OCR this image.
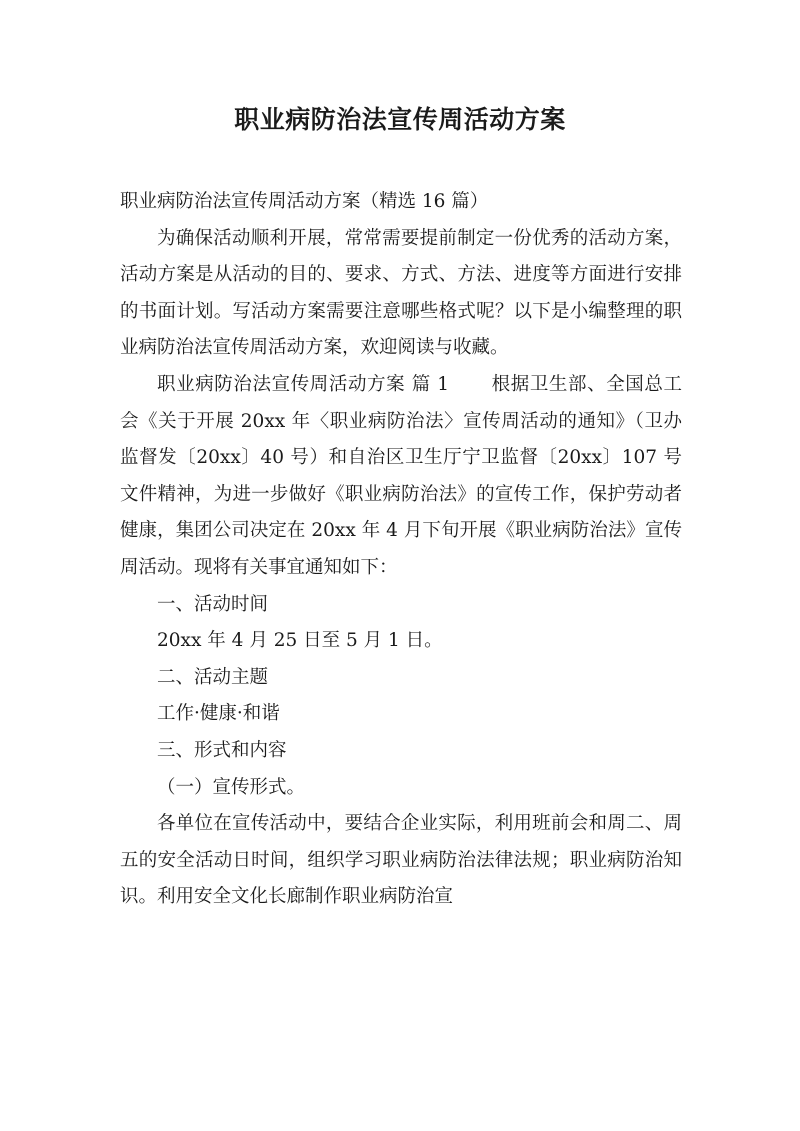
职业病防治法宣传周活动方案

职业病防治法宣传周活动方案（精选 16 篇）

为确保活动顺利开展，常常需要提前制定一份优秀的活动方案，活动方案是从活动的目的、要求、方式、方法、进度等方面进行安排的书面计划。写活动方案需要注意哪些格式呢？以下是小编整理的职业病防治法宣传周活动方案，欢迎阅读与收藏。

职业病防治法宣传周活动方案 篇 1 根据卫生部、全国总工会《关于开展 20xx 年〈职业病防治法〉宣传周活动的通知》（卫办监督发〔20xx〕40 号）和自治区卫生厅宁卫监督〔20xx〕107 号文件精神，为进一步做好《职业病防治法》的宣传工作，保护劳动者健康，集团公司决定在 20xx 年 4 月下旬开展《职业病防治法》宣传周活动。现将有关事宜通知如下：

一、活动时间

20xx 年 4 月 25 日至 5 月 1 日。

二、活动主题

工作·健康·和谐

三、形式和内容

（一）宣传形式。

各单位在宣传活动中，要结合企业实际，利用班前会和周二、周五的安全活动日时间，组织学习职业病防治法律法规；职业病防治知识。利用安全文化长廊制作职业病防治宣
